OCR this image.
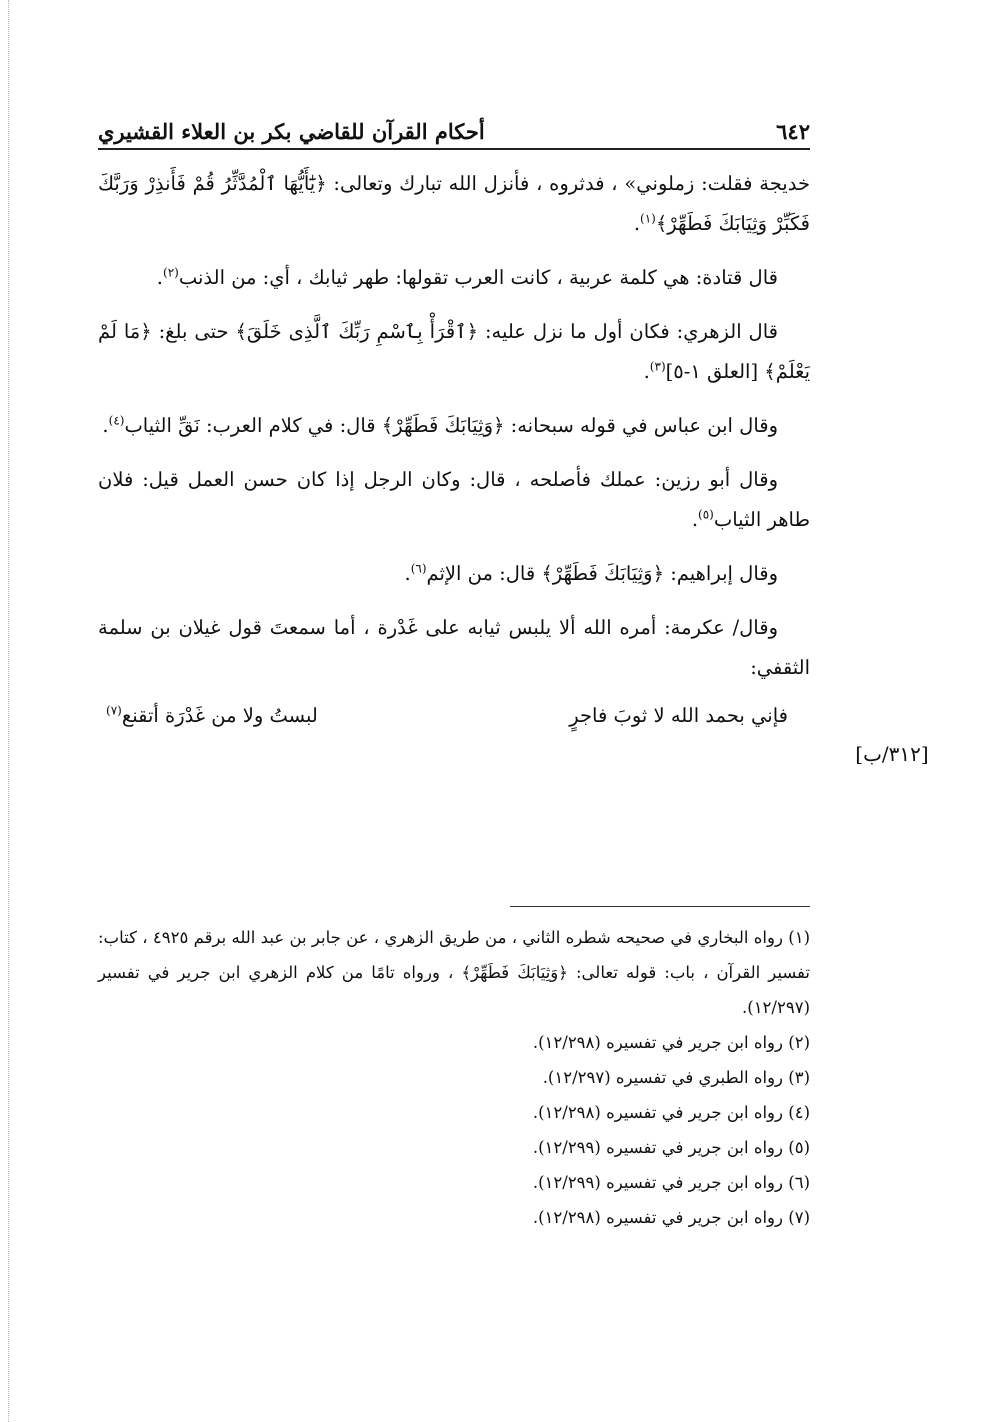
٦٤٢
أحكام القرآن للقاضي بكر بن العلاء القشيري

خديجة فقلت: زملوني» ، فدثروه ، فأنزل الله تبارك وتعالى: ﴿يَٰٓأَيُّهَا ٱلْمُدَّثِّرُ قُمْ فَأَنذِرْ وَرَبَّكَ فَكَبِّرْ وَثِيَابَكَ فَطَهِّرْ﴾$^{(١)}$.

قال قتادة: هي كلمة عربية ، كانت العرب تقولها: طهر ثيابك ، أي: من الذنب$^{(٢)}$.

قال الزهري: فكان أول ما نزل عليه: ﴿ٱقْرَأْ بِٱسْمِ رَبِّكَ ٱلَّذِى خَلَقَ﴾ حتى بلغ: ﴿مَا لَمْ يَعْلَمْ﴾ [العلق ١-٥]$^{(٣)}$.

وقال ابن عباس في قوله سبحانه: ﴿وَثِيَابَكَ فَطَهِّرْ﴾ قال: في كلام العرب: نَقِّ الثياب$^{(٤)}$.

وقال أبو رزين: عملك فأصلحه ، قال: وكان الرجل إذا كان حسن العمل قيل: فلان طاهر الثياب$^{(٥)}$.

وقال إبراهيم: ﴿وَثِيَابَكَ فَطَهِّرْ﴾ قال: من الإثم$^{(٦)}$.

وقال/ عكرمة: أمره الله ألا يلبس ثيابه على غَدْرة ، أما سمعتَ قول غيلان بن سلمة الثقفي:

فإني بحمد الله لا ثوبَ فاجرٍ
لبستُ ولا من غَدْرَة أتقنع$^{(٧)}$
[٣١٢/ب]

(١) رواه البخاري في صحيحه شطره الثاني ، من طريق الزهري ، عن جابر بن عبد الله برقم ٤٩٢٥ ، كتاب: تفسير القرآن ، باب: قوله تعالى: ﴿وَثِيَابَكَ فَطَهِّرْ﴾ ، ورواه تامًا من كلام الزهري ابن جرير في تفسير (١٢/٢٩٧).

(٢) رواه ابن جرير في تفسيره (١٢/٢٩٨).

(٣) رواه الطبري في تفسيره (١٢/٢٩٧).

(٤) رواه ابن جرير في تفسيره (١٢/٢٩٨).

(٥) رواه ابن جرير في تفسيره (١٢/٢٩٩).

(٦) رواه ابن جرير في تفسيره (١٢/٢٩٩).

(٧) رواه ابن جرير في تفسيره (١٢/٢٩٨).
